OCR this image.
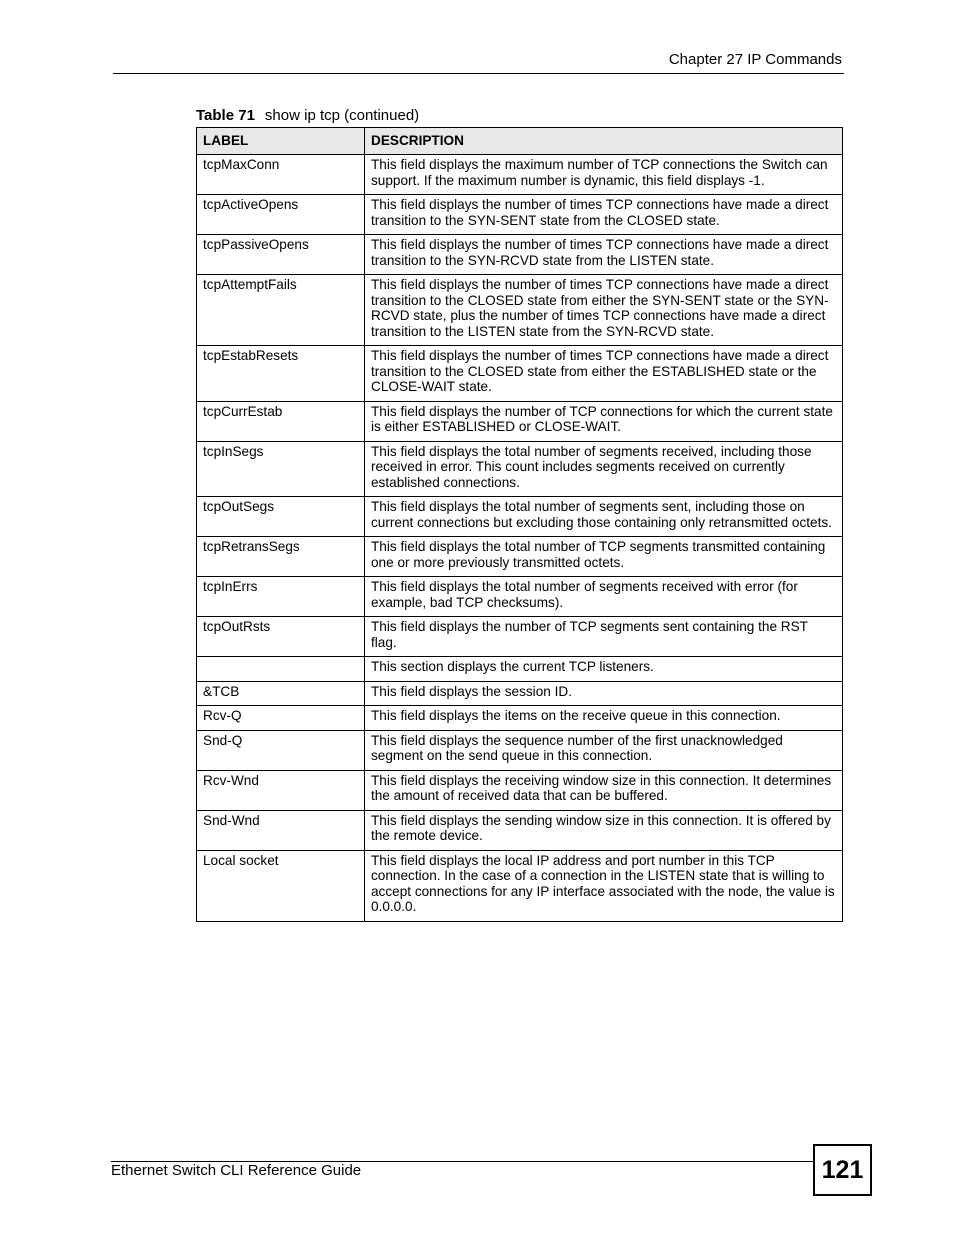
Chapter 27 IP Commands
Table 71 show ip tcp (continued)
LABEL	DESCRIPTION
tcpMaxConn	This field displays the maximum number of TCP connections the Switch can support. If the maximum number is dynamic, this field displays -1.
tcpActiveOpens	This field displays the number of times TCP connections have made a direct transition to the SYN-SENT state from the CLOSED state.
tcpPassiveOpens	This field displays the number of times TCP connections have made a direct transition to the SYN-RCVD state from the LISTEN state.
tcpAttemptFails	This field displays the number of times TCP connections have made a direct transition to the CLOSED state from either the SYN-SENT state or the SYN-RCVD state, plus the number of times TCP connections have made a direct transition to the LISTEN state from the SYN-RCVD state.
tcpEstabResets	This field displays the number of times TCP connections have made a direct transition to the CLOSED state from either the ESTABLISHED state or the CLOSE-WAIT state.
tcpCurrEstab	This field displays the number of TCP connections for which the current state is either ESTABLISHED or CLOSE-WAIT.
tcpInSegs	This field displays the total number of segments received, including those received in error. This count includes segments received on currently established connections.
tcpOutSegs	This field displays the total number of segments sent, including those on current connections but excluding those containing only retransmitted octets.
tcpRetransSegs	This field displays the total number of TCP segments transmitted containing one or more previously transmitted octets.
tcpInErrs	This field displays the total number of segments received with error (for example, bad TCP checksums).
tcpOutRsts	This field displays the number of TCP segments sent containing the RST flag.
	This section displays the current TCP listeners.
&TCB	This field displays the session ID.
Rcv-Q	This field displays the items on the receive queue in this connection.
Snd-Q	This field displays the sequence number of the first unacknowledged segment on the send queue in this connection.
Rcv-Wnd	This field displays the receiving window size in this connection. It determines the amount of received data that can be buffered.
Snd-Wnd	This field displays the sending window size in this connection. It is offered by the remote device.
Local socket	This field displays the local IP address and port number in this TCP connection. In the case of a connection in the LISTEN state that is willing to accept connections for any IP interface associated with the node, the value is 0.0.0.0.
Ethernet Switch CLI Reference Guide	121
